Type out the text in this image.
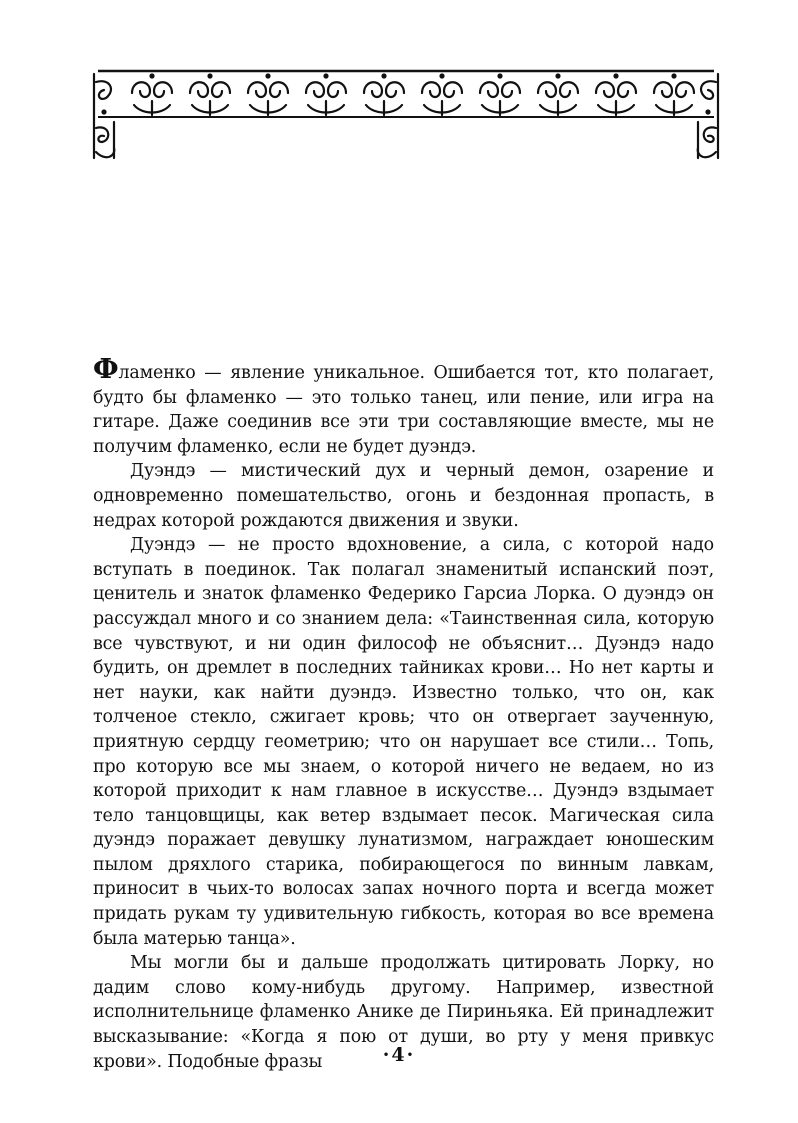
Фламенко — явление уникальное. Ошибается тот, кто полагает, будто бы фламенко — это только танец, или пение, или игра на гитаре. Даже соединив все эти три составляющие вместе, мы не получим фламенко, если не будет дуэндэ.

Дуэндэ — мистический дух и черный демон, озарение и одновременно помешательство, огонь и бездонная пропасть, в недрах которой рождаются движения и звуки.

Дуэндэ — не просто вдохновение, а сила, с которой надо вступать в поединок. Так полагал знаменитый испанский поэт, ценитель и знаток фламенко Федерико Гарсиа Лорка. О дуэндэ он рассуждал много и со знанием дела: «Таинственная сила, которую все чувствуют, и ни один философ не объяснит… Дуэндэ надо будить, он дремлет в последних тайниках крови… Но нет карты и нет науки, как найти дуэндэ. Известно только, что он, как толченое стекло, сжигает кровь; что он отвергает заученную, приятную сердцу геометрию; что он нарушает все стили… Топь, про которую все мы знаем, о которой ничего не ведаем, но из которой приходит к нам главное в искусстве… Дуэндэ вздымает тело танцовщицы, как ветер вздымает песок. Магическая сила дуэндэ поражает девушку лунатизмом, награждает юношеским пылом дряхлого старика, побирающегося по винным лавкам, приносит в чьих-то волосах запах ночного порта и всегда может придать рукам ту удивительную гибкость, которая во все времена была матерью танца».

Мы могли бы и дальше продолжать цитировать Лорку, но дадим слово кому-нибудь другому. Например, известной исполнительнице фламенко Анике де Пириньяка. Ей принадлежит высказывание: «Когда я пою от души, во рту у меня привкус крови». Подобные фразы	·4·
